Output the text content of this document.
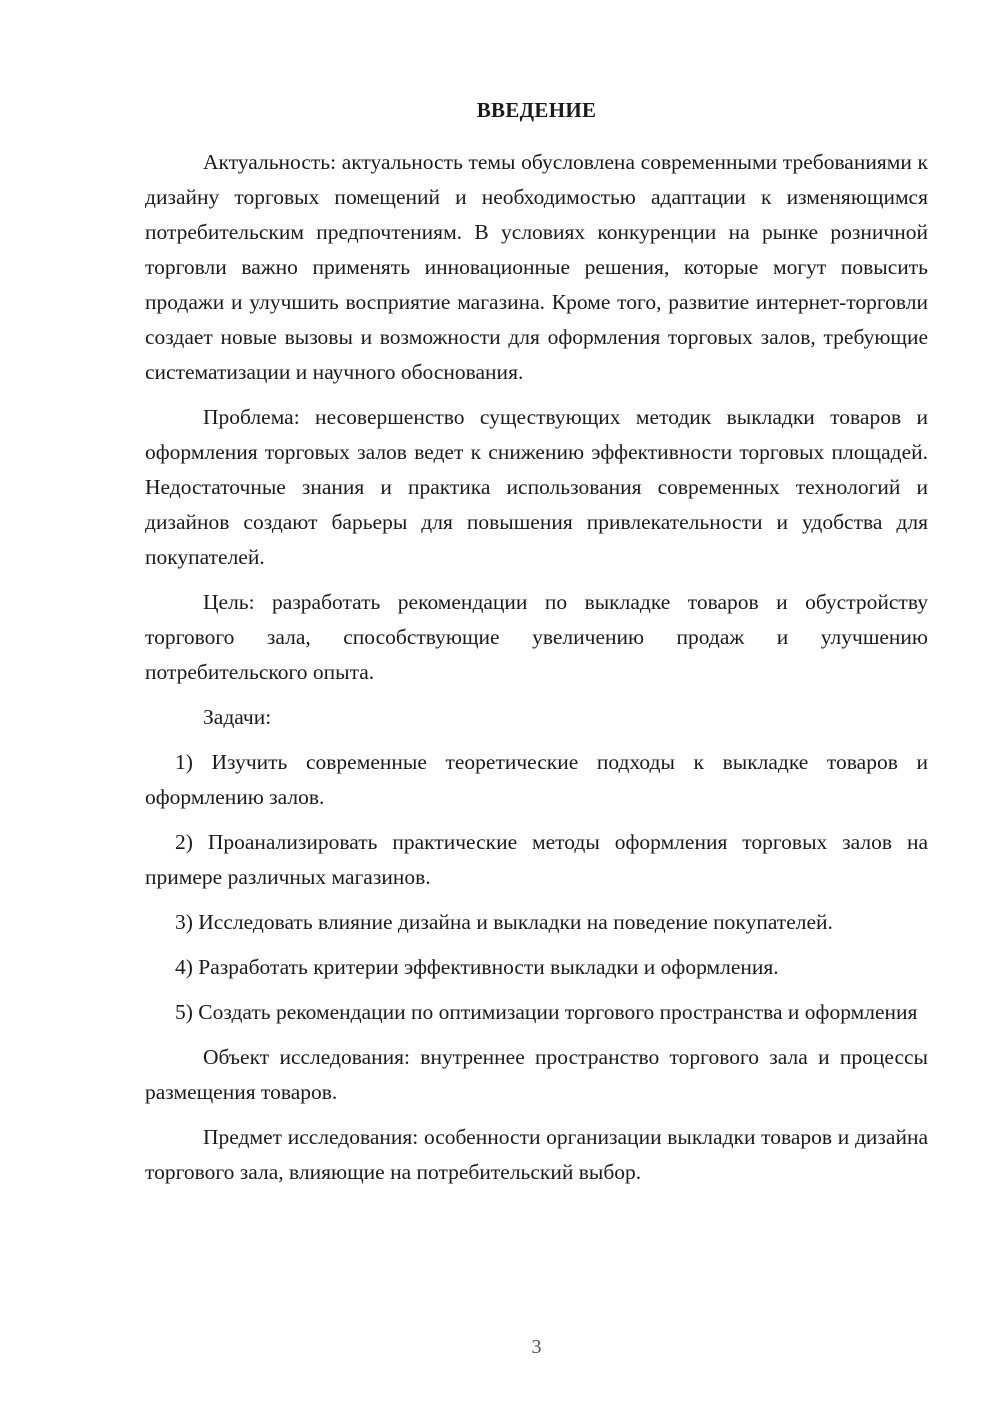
ВВЕДЕНИЕ

Актуальность: актуальность темы обусловлена современными требованиями к дизайну торговых помещений и необходимостью адаптации к изменяющимся потребительским предпочтениям. В условиях конкуренции на рынке розничной торговли важно применять инновационные решения, которые могут повысить продажи и улучшить восприятие магазина. Кроме того, развитие интернет-торговли создает новые вызовы и возможности для оформления торговых залов, требующие систематизации и научного обоснования.

Проблема: несовершенство существующих методик выкладки товаров и оформления торговых залов ведет к снижению эффективности торговых площадей. Недостаточные знания и практика использования современных технологий и дизайнов создают барьеры для повышения привлекательности и удобства для покупателей.

Цель: разработать рекомендации по выкладке товаров и обустройству торгового зала, способствующие увеличению продаж и улучшению потребительского опыта.

Задачи:

1) Изучить современные теоретические подходы к выкладке товаров и оформлению залов.

2) Проанализировать практические методы оформления торговых залов на примере различных магазинов.

3) Исследовать влияние дизайна и выкладки на поведение покупателей.

4) Разработать критерии эффективности выкладки и оформления.

5) Создать рекомендации по оптимизации торгового пространства и оформления

Объект исследования: внутреннее пространство торгового зала и процессы размещения товаров.

Предмет исследования: особенности организации выкладки товаров и дизайна торгового зала, влияющие на потребительский выбор.

3
